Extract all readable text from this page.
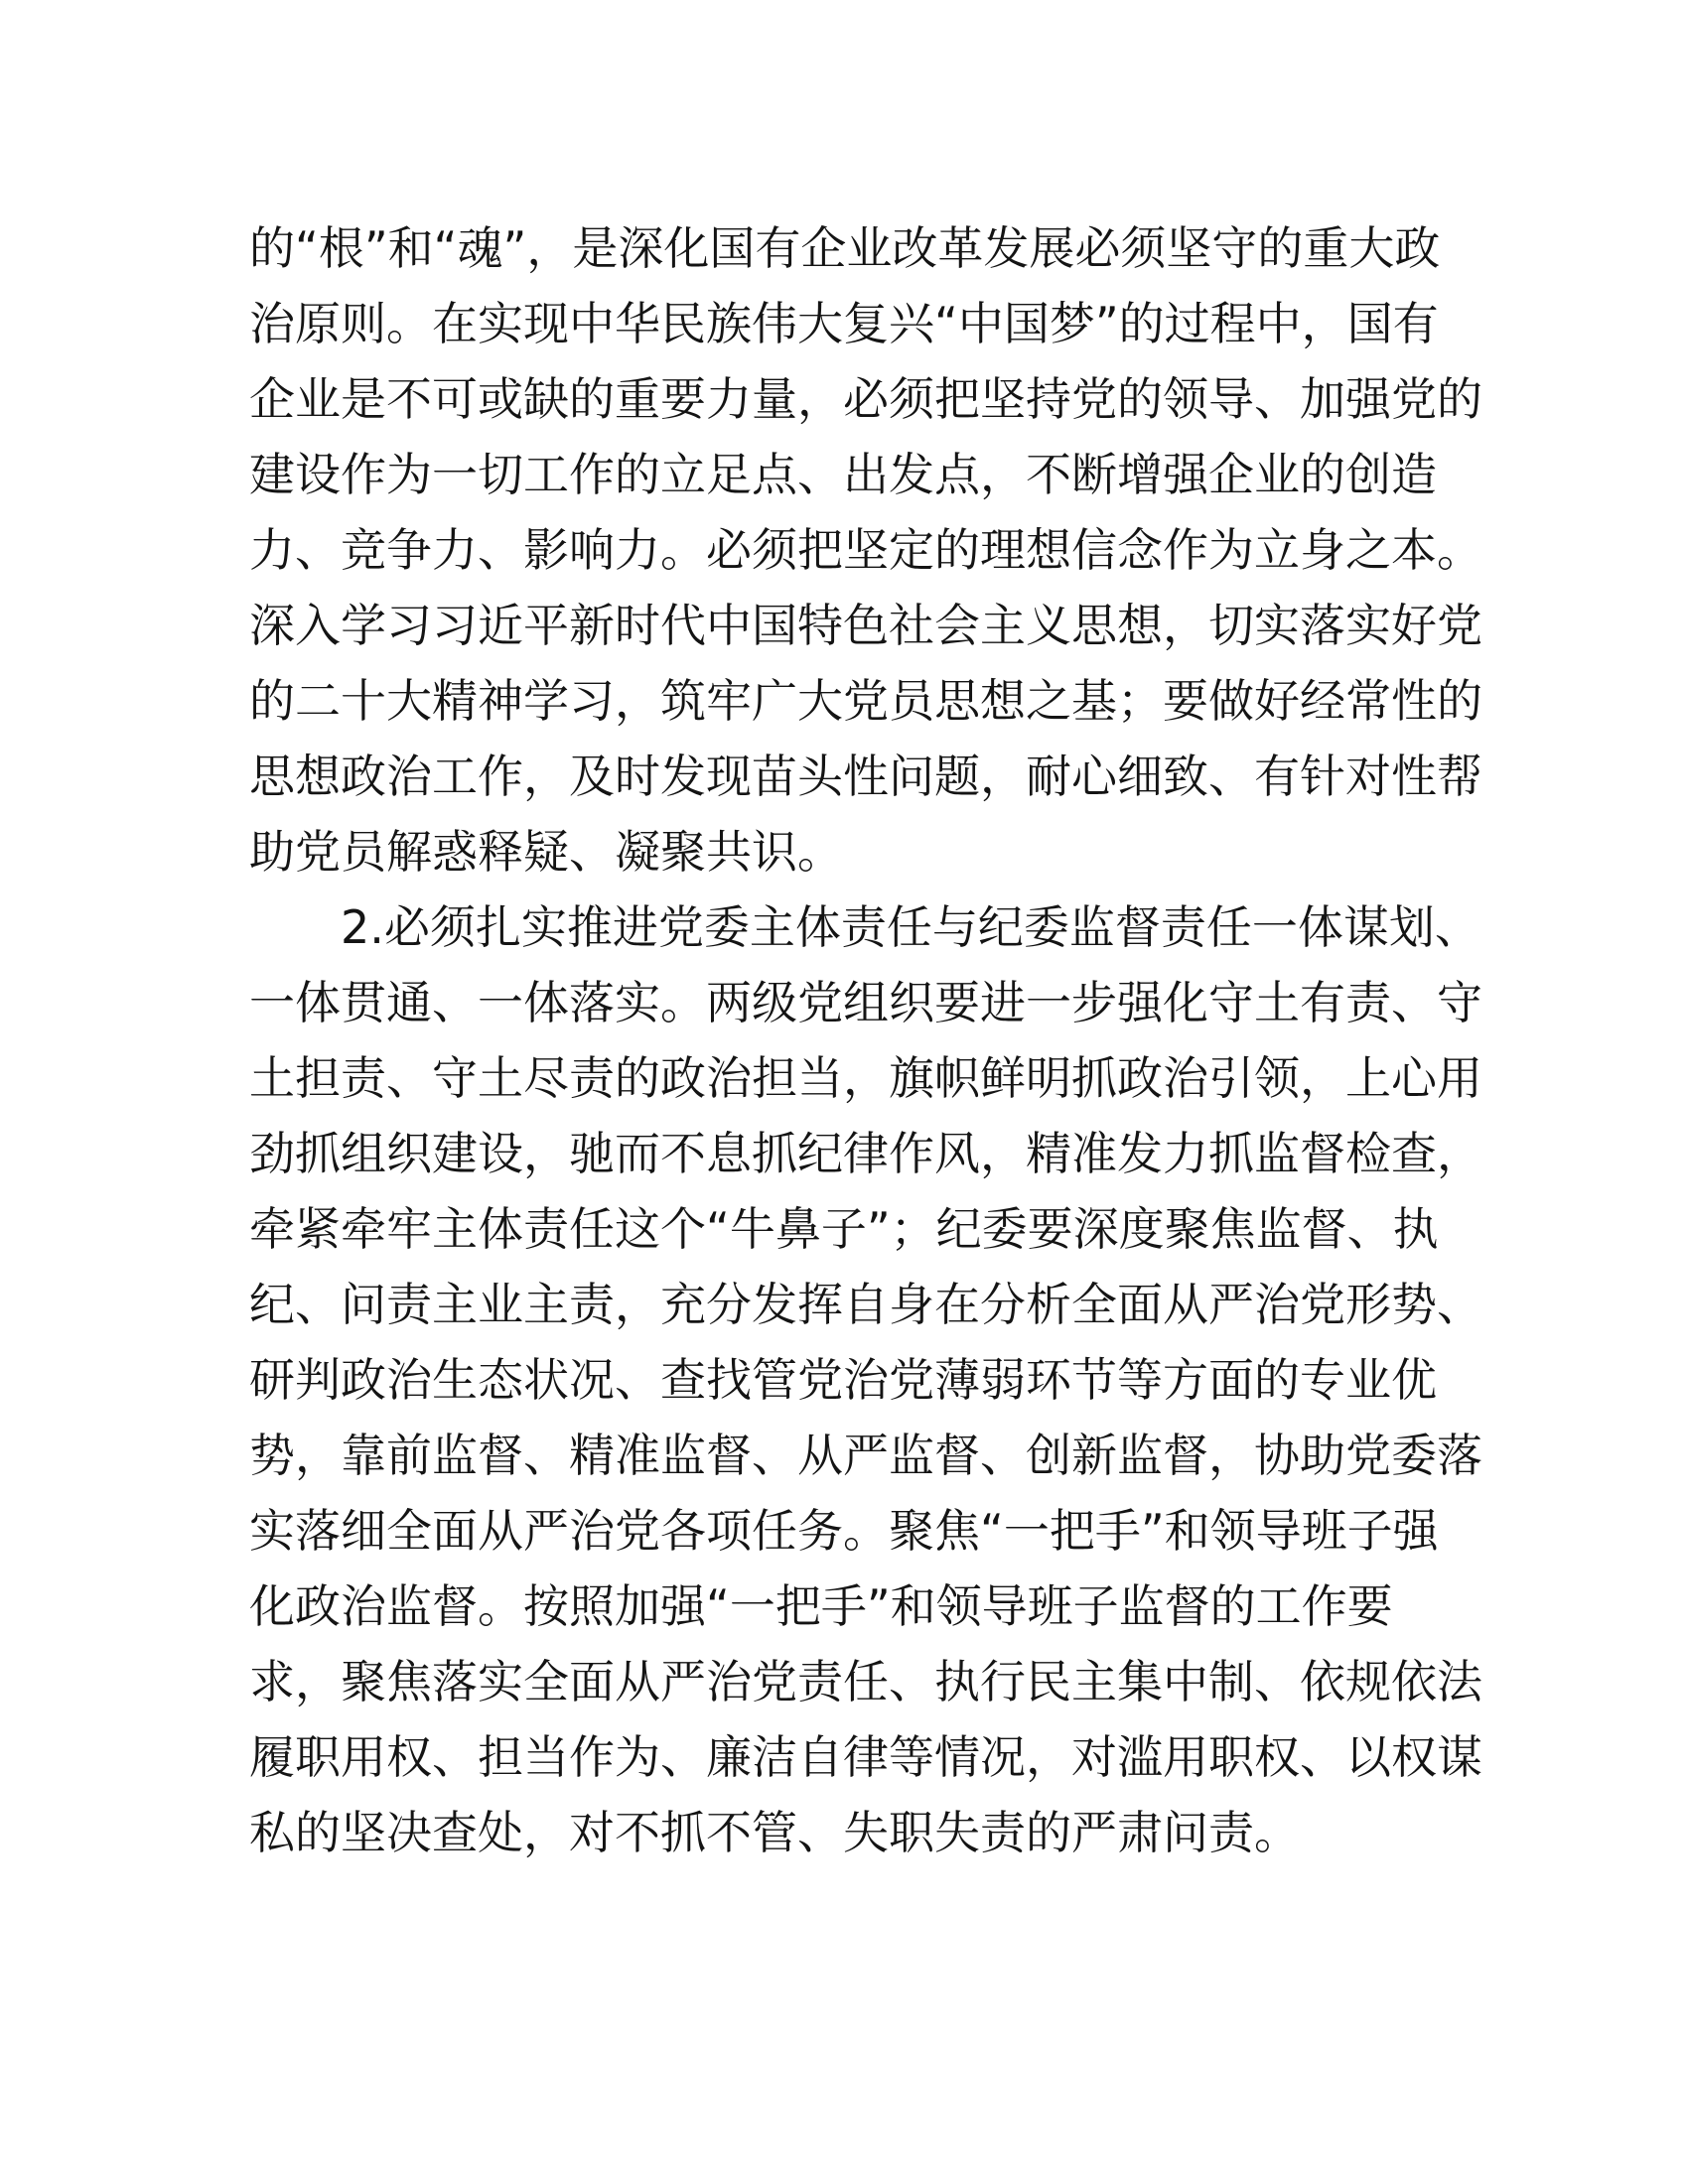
的“根”和“魂”，是深化国有企业改革发展必须坚守的重大政
治原则。在实现中华民族伟大复兴“中国梦”的过程中，国有
企业是不可或缺的重要力量，必须把坚持党的领导、加强党的
建设作为一切工作的立足点、出发点，不断增强企业的创造
力、竞争力、影响力。必须把坚定的理想信念作为立身之本。
深入学习习近平新时代中国特色社会主义思想，切实落实好党
的二十大精神学习，筑牢广大党员思想之基；要做好经常性的
思想政治工作，及时发现苗头性问题，耐心细致、有针对性帮
助党员解惑释疑、凝聚共识。

　　2.必须扎实推进党委主体责任与纪委监督责任一体谋划、
一体贯通、一体落实。两级党组织要进一步强化守土有责、守
土担责、守土尽责的政治担当，旗帜鲜明抓政治引领，上心用
劲抓组织建设，驰而不息抓纪律作风，精准发力抓监督检查，
牵紧牵牢主体责任这个“牛鼻子”；纪委要深度聚焦监督、执
纪、问责主业主责，充分发挥自身在分析全面从严治党形势、
研判政治生态状况、查找管党治党薄弱环节等方面的专业优
势，靠前监督、精准监督、从严监督、创新监督，协助党委落
实落细全面从严治党各项任务。聚焦“一把手”和领导班子强
化政治监督。按照加强“一把手”和领导班子监督的工作要
求，聚焦落实全面从严治党责任、执行民主集中制、依规依法
履职用权、担当作为、廉洁自律等情况，对滥用职权、以权谋
私的坚决查处，对不抓不管、失职失责的严肃问责。
